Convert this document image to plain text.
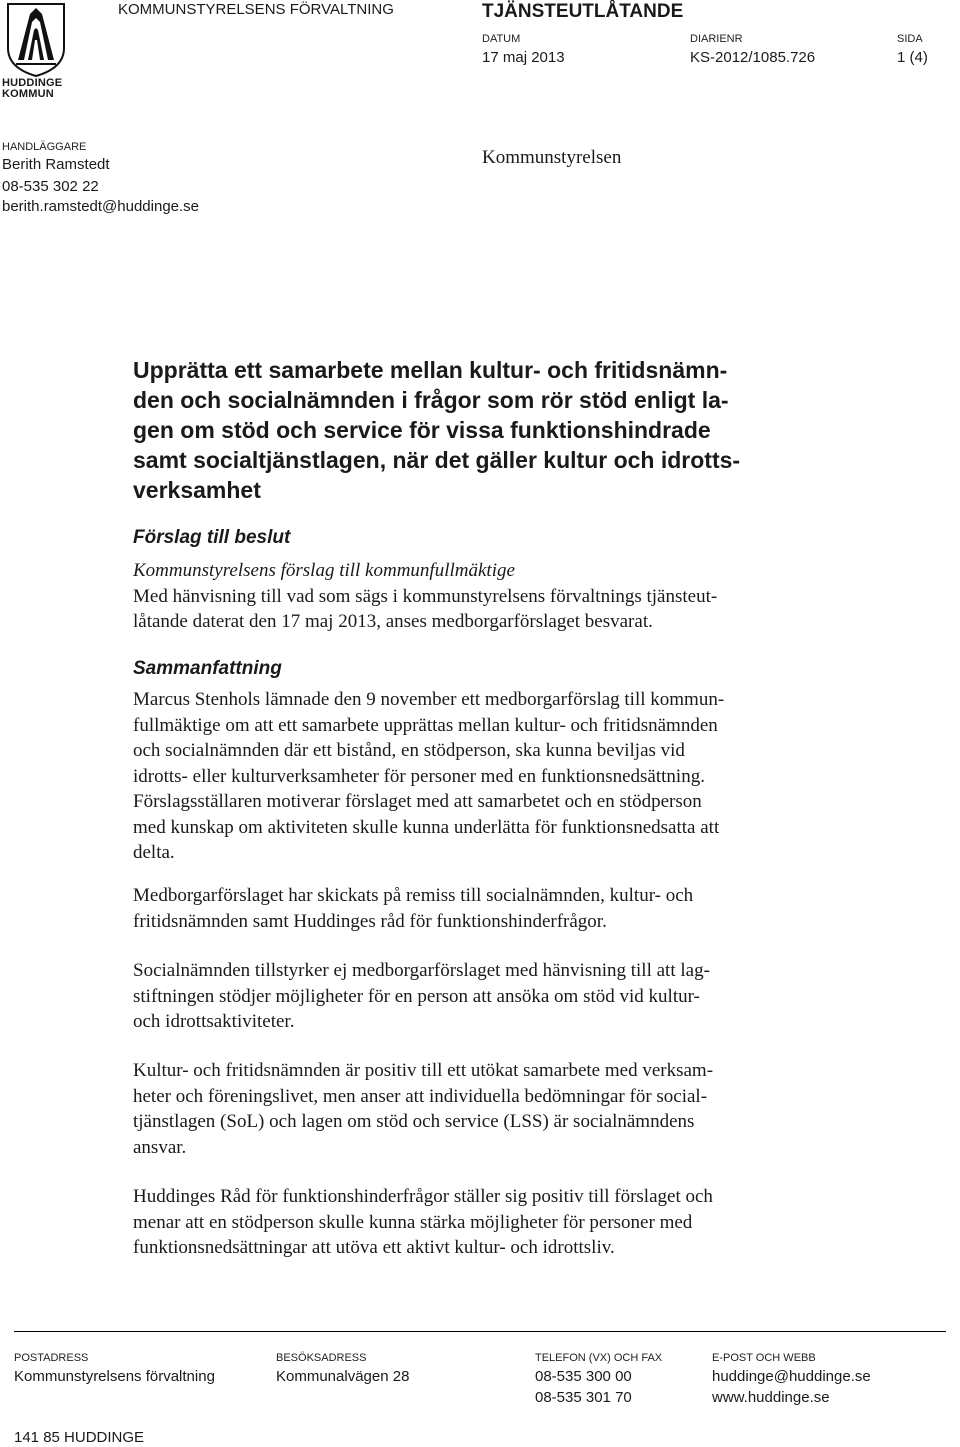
HUDDINGE
KOMMUN
KOMMUNSTYRELSENS FÖRVALTNING	TJÄNSTEUTLÅTANDE
DATUM
17 maj 2013
DIARIENR
KS-2012/1085.726
SIDA
1 (4)
HANDLÄGGARE
Berith Ramstedt
08-535 302 22
berith.ramstedt@huddinge.se
Kommunstyrelsen
Upprätta ett samarbete mellan kultur- och fritidsnämn-
den och socialnämnden i frågor som rör stöd enligt la-
gen om stöd och service för vissa funktionshindrade
samt socialtjänstlagen, när det gäller kultur och idrotts-
verksamhet
Förslag till beslut
Kommunstyrelsens förslag till kommunfullmäktige
Med hänvisning till vad som sägs i kommunstyrelsens förvaltnings tjänsteut-
låtande daterat den 17 maj 2013, anses medborgarförslaget besvarat.
Sammanfattning
Marcus Stenhols lämnade den 9 november ett medborgarförslag till kommun-
fullmäktige om att ett samarbete upprättas mellan kultur- och fritidsnämnden
och socialnämnden där ett bistånd, en stödperson, ska kunna beviljas vid
idrotts- eller kulturverksamheter för personer med en funktionsnedsättning.
Förslagsställaren motiverar förslaget med att samarbetet och en stödperson
med kunskap om aktiviteten skulle kunna underlätta för funktionsnedsatta att
delta.
Medborgarförslaget har skickats på remiss till socialnämnden, kultur- och
fritidsnämnden samt Huddinges råd för funktionshinderfrågor.
Socialnämnden tillstyrker ej medborgarförslaget med hänvisning till att lag-
stiftningen stödjer möjligheter för en person att ansöka om stöd vid kultur-
och idrottsaktiviteter.
Kultur- och fritidsnämnden är positiv till ett utökat samarbete med verksam-
heter och föreningslivet, men anser att individuella bedömningar för social-
tjänstlagen (SoL) och lagen om stöd och service (LSS) är socialnämndens
ansvar.
Huddinges Råd för funktionshinderfrågor ställer sig positiv till förslaget och
menar att en stödperson skulle kunna stärka möjligheter för personer med
funktionsnedsättningar att utöva ett aktivt kultur- och idrottsliv.
POSTADRESS
Kommunstyrelsens förvaltning
141 85 HUDDINGE
BESÖKSADRESS
Kommunalvägen 28
TELEFON (VX) OCH FAX
08-535 300 00
08-535 301 70
E-POST OCH WEBB
huddinge@huddinge.se
www.huddinge.se
